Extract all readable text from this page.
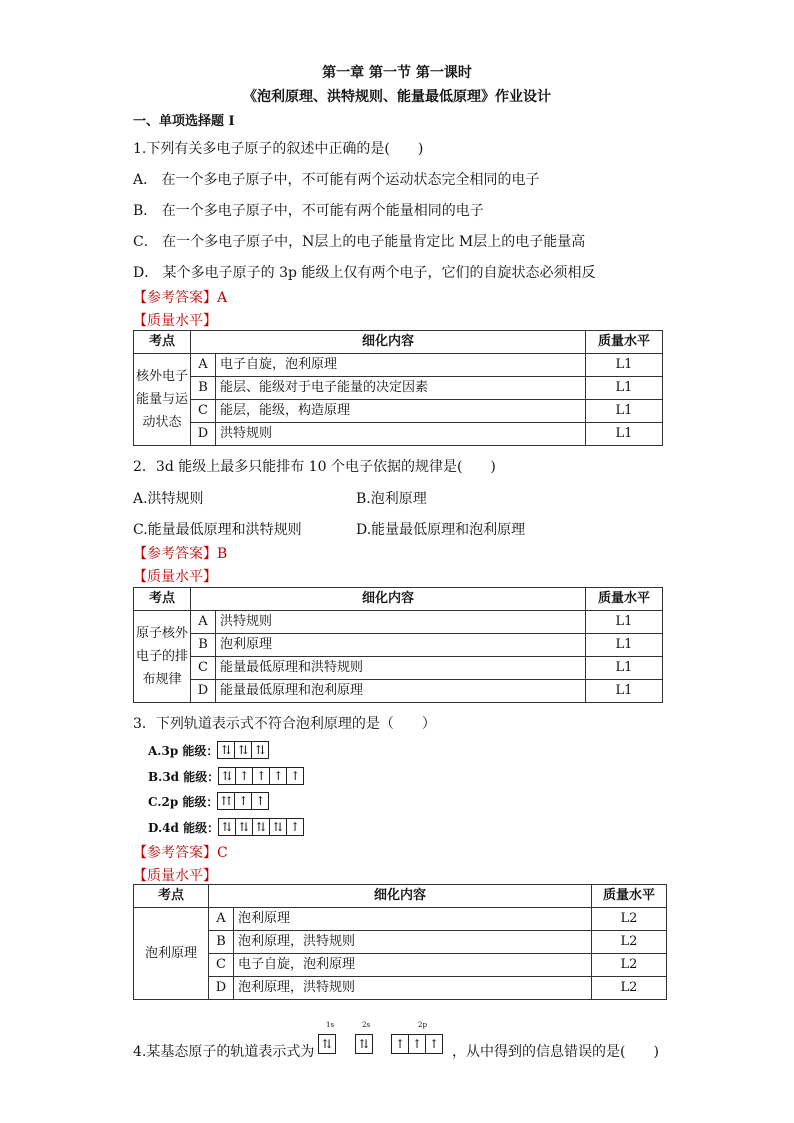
第一章 第一节 第一课时
《泡利原理、洪特规则、能量最低原理》作业设计
一、单项选择题 I
1.下列有关多电子原子的叙述中正确的是(　　)
A． 在一个多电子原子中，不可能有两个运动状态完全相同的电子
B． 在一个多电子原子中，不可能有两个能量相同的电子
C． 在一个多电子原子中，N层上的电子能量肯定比 M层上的电子能量高
D． 某个多电子原子的 3p 能级上仅有两个电子，它们的自旋状态必须相反
【参考答案】A
【质量水平】
考点	细化内容		质量水平
核外电子能量与运动状态	A	电子自旋，泡利原理	L1
	B	能层、能级对于电子能量的决定因素	L1
	C	能层，能级，构造原理	L1
	D	洪特规则	L1
2．3d 能级上最多只能排布 10 个电子依据的规律是(　　)
A.洪特规则	B.泡利原理
C.能量最低原理和洪特规则	D.能量最低原理和泡利原理
【参考答案】B
【质量水平】
考点	细化内容		质量水平
原子核外电子的排布规律	A	洪特规则	L1
	B	泡利原理	L1
	C	能量最低原理和洪特规则	L1
	D	能量最低原理和泡利原理	L1
3．下列轨道表示式不符合泡利原理的是（　　）
A.3p 能级： ⇅ ⇅ ⇅
B.3d 能级： ⇅ ↑ ↑ ↑ ↑
C.2p 能级： ⇈ ↑ ↑
D.4d 能级： ⇅ ⇅ ⇅ ⇅ ↑
【参考答案】C
【质量水平】
考点	细化内容		质量水平
泡利原理	A	泡利原理	L2
	B	泡利原理，洪特规则	L2
	C	电子自旋，泡利原理	L2
	D	泡利原理，洪特规则	L2
4.某基态原子的轨道表示式为
1s	2s	2p
⇅	⇅	↑ ↑ ↑ ，从中得到的信息错误的是(　　)
